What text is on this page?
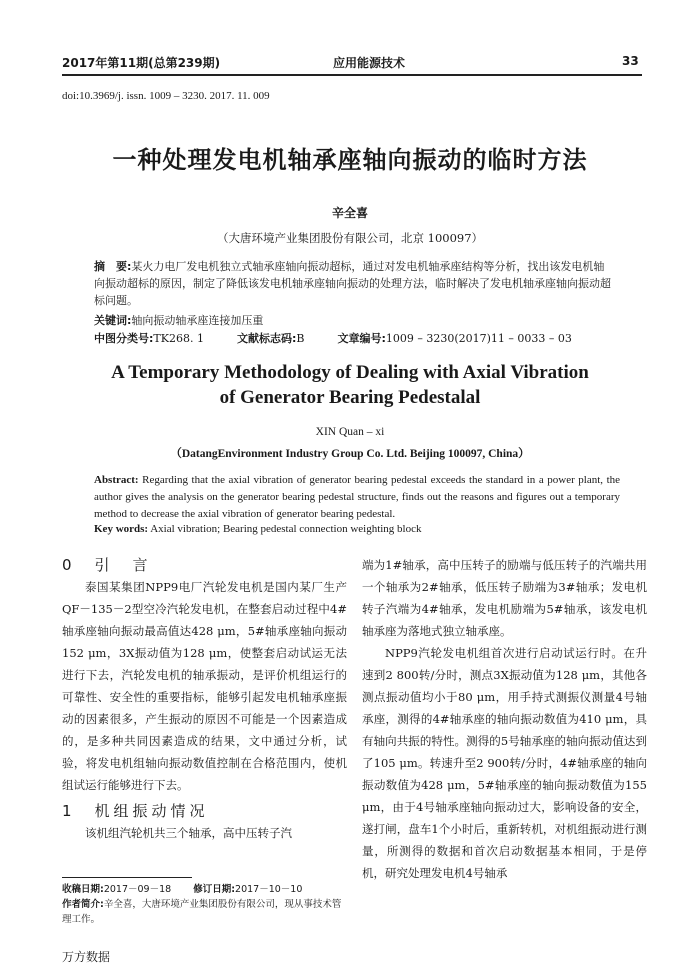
2017年第11期(总第239期)	应用能源技术	33
doi:10.3969/j. issn. 1009 – 3230. 2017. 11. 009
一种处理发电机轴承座轴向振动的临时方法
辛全喜
（大唐环境产业集团股份有限公司，北京 100097）
摘　要:某火力电厂发电机独立式轴承座轴向振动超标，通过对发电机轴承座结构等分析，找出该发电机轴向振动超标的原因，制定了降低该发电机轴承座轴向振动的处理方法，临时解决了发电机轴承座轴向振动超标问题。
关键词:轴向振动轴承座连接加压重
中图分类号:TK268. 1	文献标志码:B	文章编号:1009 – 3230(2017)11 – 0033 – 03
A Temporary Methodology of Dealing with Axial Vibration
of Generator Bearing Pedestalal
XIN Quan – xi
（DatangEnvironment Industry Group Co. Ltd. Beijing 100097, China）
Abstract: Regarding that the axial vibration of generator bearing pedestal exceeds the standard in a power plant, the author gives the analysis on the generator bearing pedestal structure, finds out the reasons and figures out a temporary method to decrease the axial vibration of generator bearing pedestal.
Key words: Axial vibration; Bearing pedestal connection weighting block

0　引　言

泰国某集团NPP9电厂汽轮发电机是国内某厂生产QF－135－2型空冷汽轮发电机，在整套启动过程中4#轴承座轴向振动最高值达428 μm，5#轴承座轴向振动152 μm，3X振动值为128 μm，使整套启动试运无法进行下去，汽轮发电机的轴承振动，是评价机组运行的可靠性、安全性的重要指标，能够引起发电机轴承座振动的因素很多，产生振动的原因不可能是一个因素造成的，是多种共同因素造成的结果，文中通过分析，试验，将发电机组轴向振动数值控制在合格范围内，使机组试运行能够进行下去。

1　机组振动情况

该机组汽轮机共三个轴承，高中压转子汽

端为1#轴承，高中压转子的励端与低压转子的汽端共用一个轴承为2#轴承，低压转子励端为3#轴承；发电机转子汽端为4#轴承，发电机励端为5#轴承，该发电机轴承座为落地式独立轴承座。

NPP9汽轮发电机组首次进行启动试运行时。在升速到2 800转/分时，测点3X振动值为128 μm，其他各测点振动值均小于80 μm，用手持式测振仪测量4号轴承座，测得的4#轴承座的轴向振动数值为410 μm，具有轴向共振的特性。测得的5号轴承座的轴向振动值达到了105 μm。转速升至2 900转/分时，4#轴承座的轴向振动数值为428 μm，5#轴承座的轴向振动数值为155 μm，由于4号轴承座轴向振动过大，影响设备的安全，遂打闸，盘车1个小时后，重新转机，对机组振动进行测量，所测得的数据和首次启动数据基本相同，于是停机，研究处理发电机4号轴承

收稿日期:2017－09－18 修订日期:2017－10－10
作者简介:辛全喜，大唐环境产业集团股份有限公司，现从事技术管理工作。
万方数据
